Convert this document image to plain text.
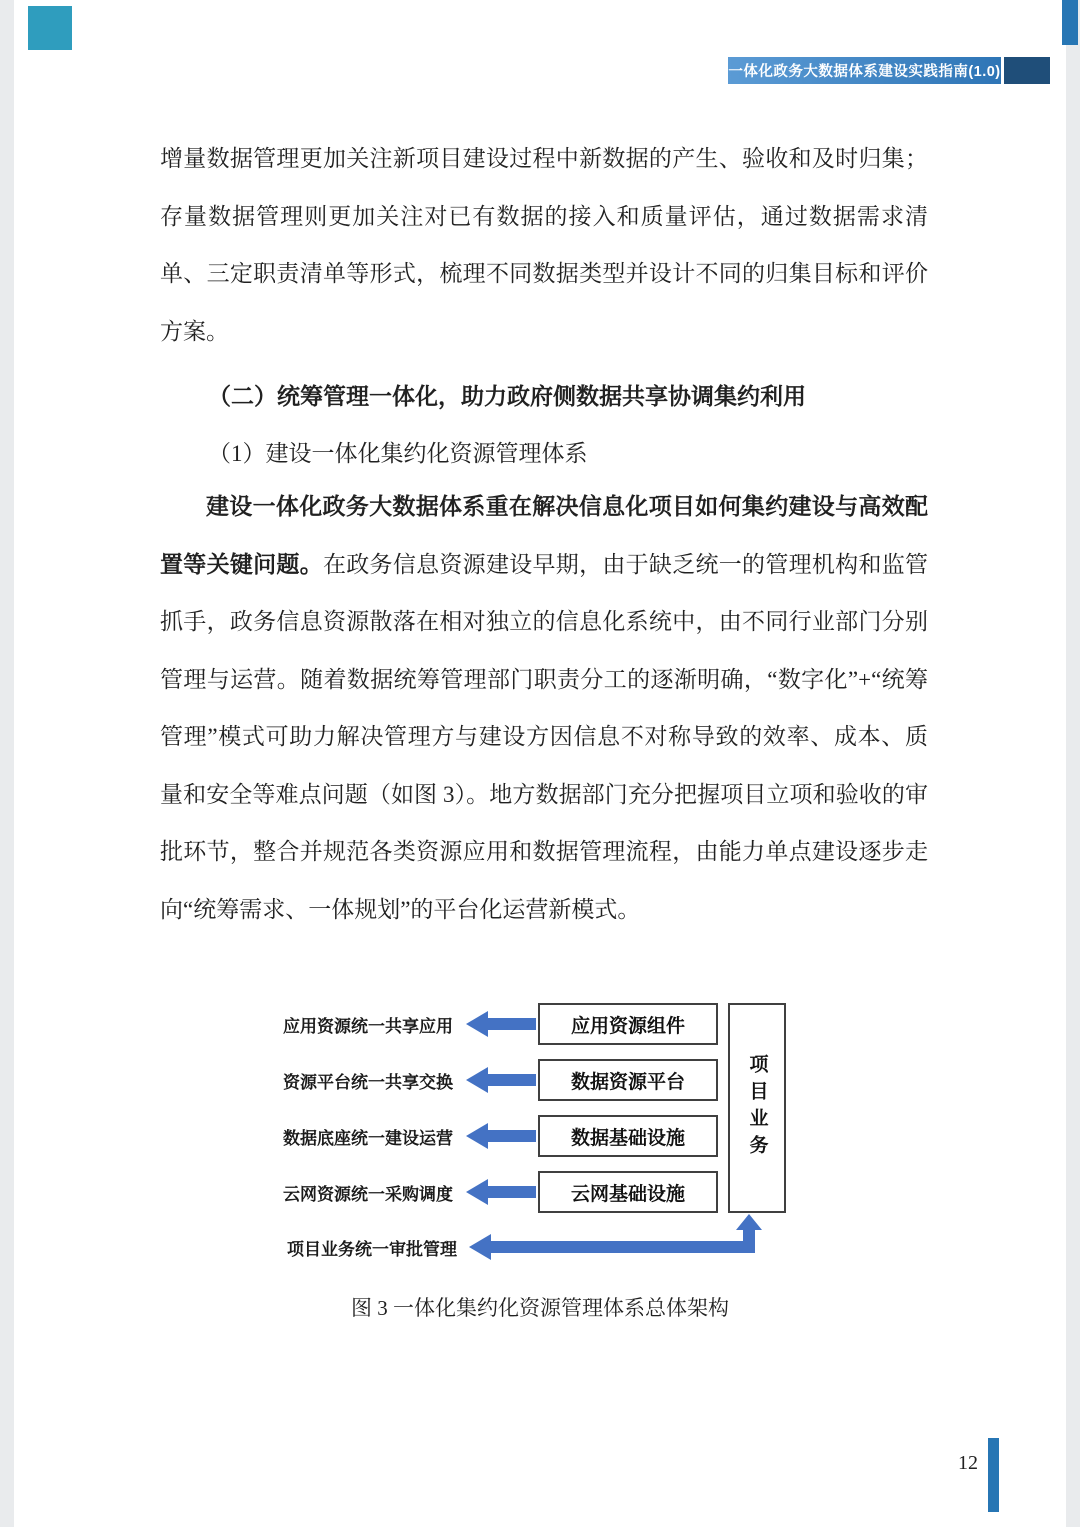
一体化政务大数据体系建设实践指南(1.0)

增量数据管理更加关注新项目建设过程中新数据的产生、验收和及时归集；存量数据管理则更加关注对已有数据的接入和质量评估，通过数据需求清单、三定职责清单等形式，梳理不同数据类型并设计不同的归集目标和评价方案。

（二）统筹管理一体化，助力政府侧数据共享协调集约利用

（1）建设一体化集约化资源管理体系

建设一体化政务大数据体系重在解决信息化项目如何集约建设与高效配置等关键问题。在政务信息资源建设早期，由于缺乏统一的管理机构和监管抓手，政务信息资源散落在相对独立的信息化系统中，由不同行业部门分别管理与运营。随着数据统筹管理部门职责分工的逐渐明确，“数字化”+“统筹管理”模式可助力解决管理方与建设方因信息不对称导致的效率、成本、质量和安全等难点问题（如图 3）。地方数据部门充分把握项目立项和验收的审批环节，整合并规范各类资源应用和数据管理流程，由能力单点建设逐步走向“统筹需求、一体规划”的平台化运营新模式。

应用资源统一共享应用	应用资源组件
资源平台统一共享交换	数据资源平台
数据底座统一建设运营	数据基础设施
云网资源统一采购调度	云网基础设施
项目业务
项目业务统一审批管理
图 3 一体化集约化资源管理体系总体架构
12
